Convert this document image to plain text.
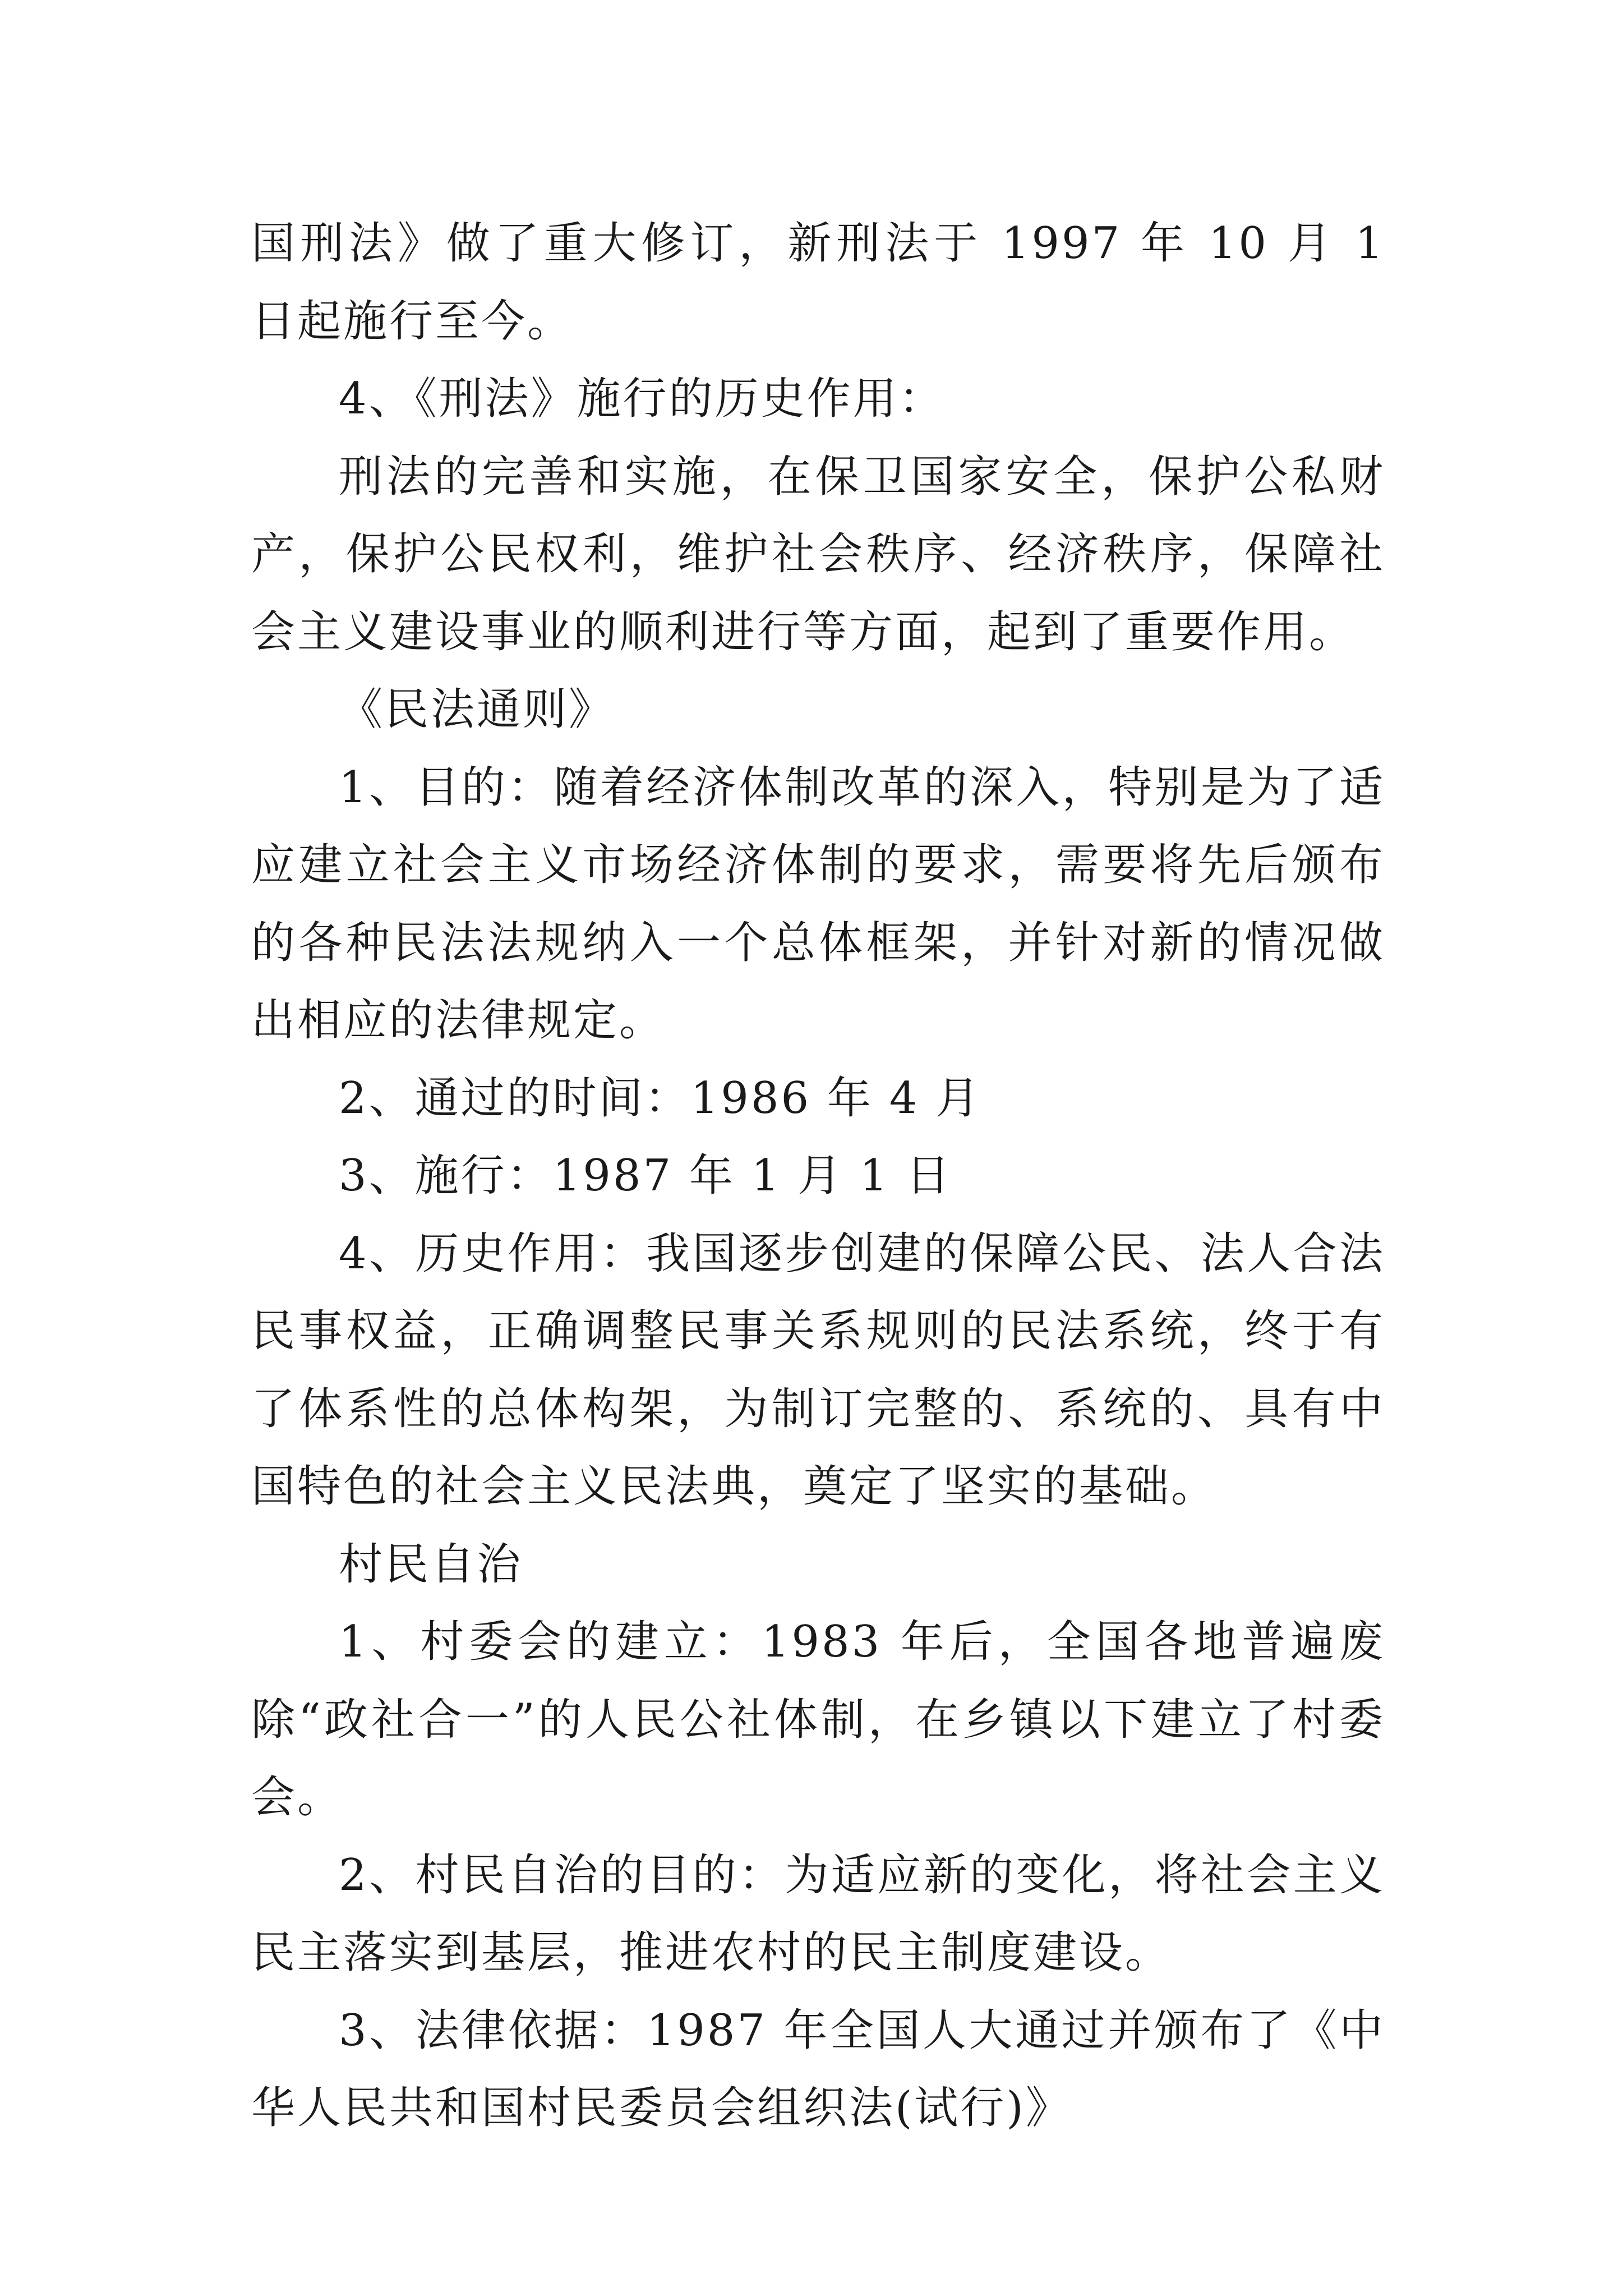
国刑法》做了重大修订，新刑法于 1997 年 10 月 1 日起施行至今。

4、《刑法》施行的历史作用：

刑法的完善和实施，在保卫国家安全，保护公私财产，保护公民权利，维护社会秩序、经济秩序，保障社会主义建设事业的顺利进行等方面，起到了重要作用。

《民法通则》

1、目的：随着经济体制改革的深入，特别是为了适应建立社会主义市场经济体制的要求，需要将先后颁布的各种民法法规纳入一个总体框架，并针对新的情况做出相应的法律规定。

2、通过的时间：1986 年 4 月

3、施行：1987 年 1 月 1 日

4、历史作用：我国逐步创建的保障公民、法人合法民事权益，正确调整民事关系规则的民法系统，终于有了体系性的总体构架，为制订完整的、系统的、具有中国特色的社会主义民法典，奠定了坚实的基础。

村民自治

1、村委会的建立：1983 年后，全国各地普遍废除“政社合一”的人民公社体制，在乡镇以下建立了村委会。

2、村民自治的目的：为适应新的变化，将社会主义民主落实到基层，推进农村的民主制度建设。

3、法律依据：1987 年全国人大通过并颁布了《中华人民共和国村民委员会组织法(试行)》
